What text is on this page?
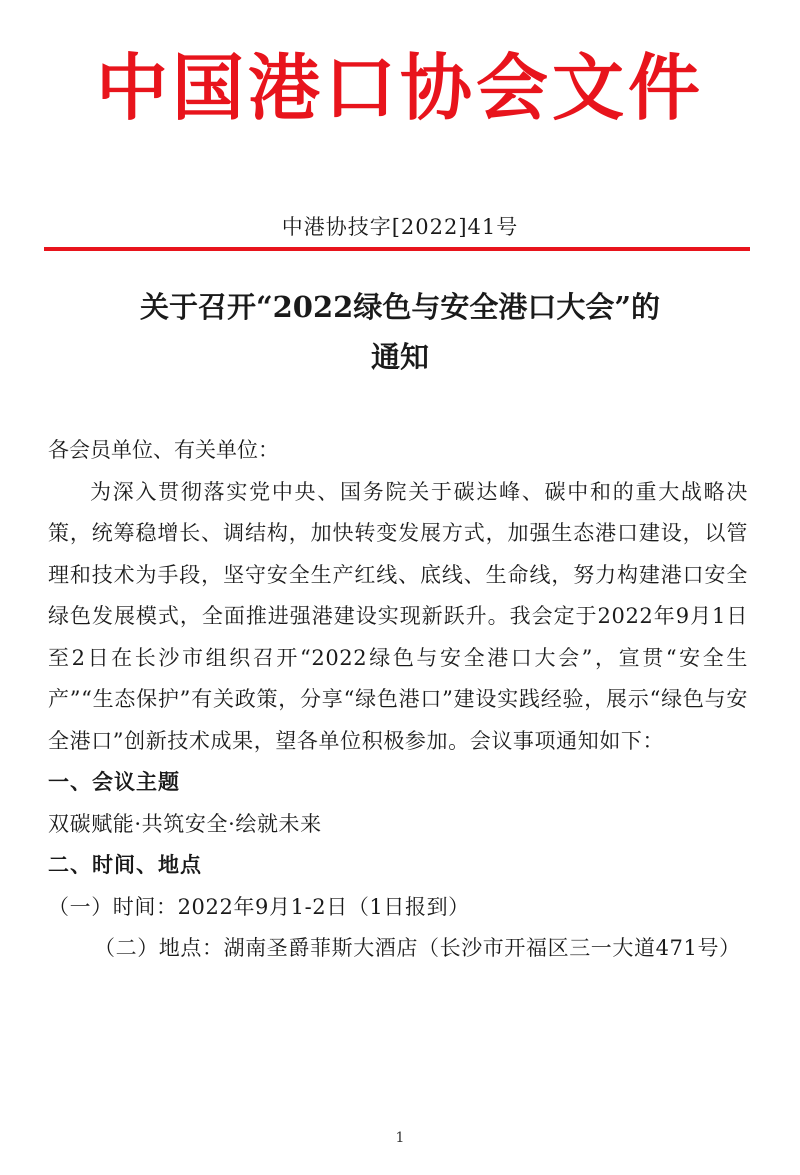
中国港口协会文件
中港协技字[2022]41号
关于召开“2022绿色与安全港口大会”的
通知

各会员单位、有关单位：

为深入贯彻落实党中央、国务院关于碳达峰、碳中和的重大战略决策，统筹稳增长、调结构，加快转变发展方式，加强生态港口建设，以管理和技术为手段，坚守安全生产红线、底线、生命线，努力构建港口安全绿色发展模式，全面推进强港建设实现新跃升。我会定于2022年9月1日至2日在长沙市组织召开“2022绿色与安全港口大会”，宣贯“安全生产”“生态保护”有关政策，分享“绿色港口”建设实践经验，展示“绿色与安全港口”创新技术成果，望各单位积极参加。会议事项通知如下：

一、会议主题

双碳赋能·共筑安全·绘就未来

二、时间、地点

（一）时间：2022年9月1-2日（1日报到）

（二）地点：湖南圣爵菲斯大酒店（长沙市开福区三一大道471号）

1
